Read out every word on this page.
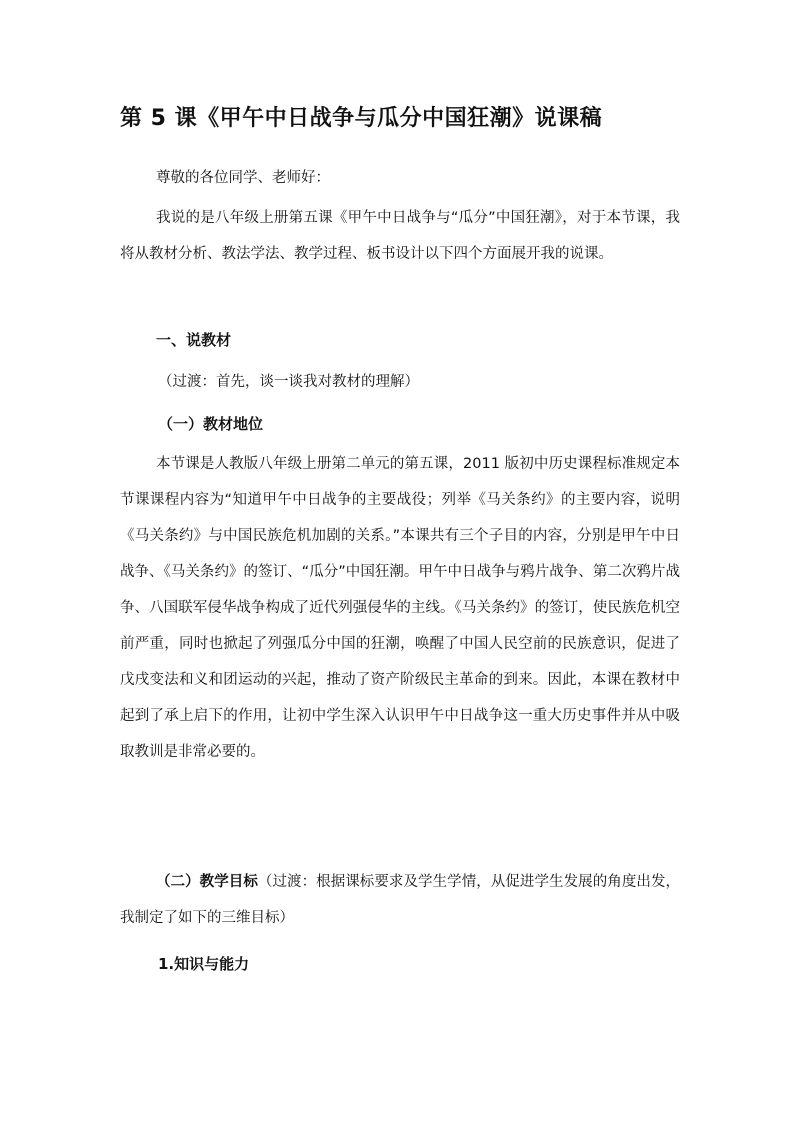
第 5 课《甲午中日战争与瓜分中国狂潮》说课稿
尊敬的各位同学、老师好：
我说的是八年级上册第五课《甲午中日战争与“瓜分”中国狂潮》，对于本节课，我将从教材分析、教法学法、教学过程、板书设计以下四个方面展开我的说课。
一、说教材
（过渡：首先，谈一谈我对教材的理解）
（一）教材地位
本节课是人教版八年级上册第二单元的第五课，2011 版初中历史课程标准规定本节课课程内容为“知道甲午中日战争的主要战役；列举《马关条约》的主要内容，说明《马关条约》与中国民族危机加剧的关系。”本课共有三个子目的内容，分别是甲午中日战争、《马关条约》的签订、“瓜分”中国狂潮。甲午中日战争与鸦片战争、第二次鸦片战争、八国联军侵华战争构成了近代列强侵华的主线。《马关条约》的签订，使民族危机空前严重，同时也掀起了列强瓜分中国的狂潮，唤醒了中国人民空前的民族意识，促进了戊戌变法和义和团运动的兴起，推动了资产阶级民主革命的到来。因此，本课在教材中起到了承上启下的作用，让初中学生深入认识甲午中日战争这一重大历史事件并从中吸取教训是非常必要的。
（二）教学目标（过渡：根据课标要求及学生学情，从促进学生发展的角度出发，我制定了如下的三维目标）
1.知识与能力
